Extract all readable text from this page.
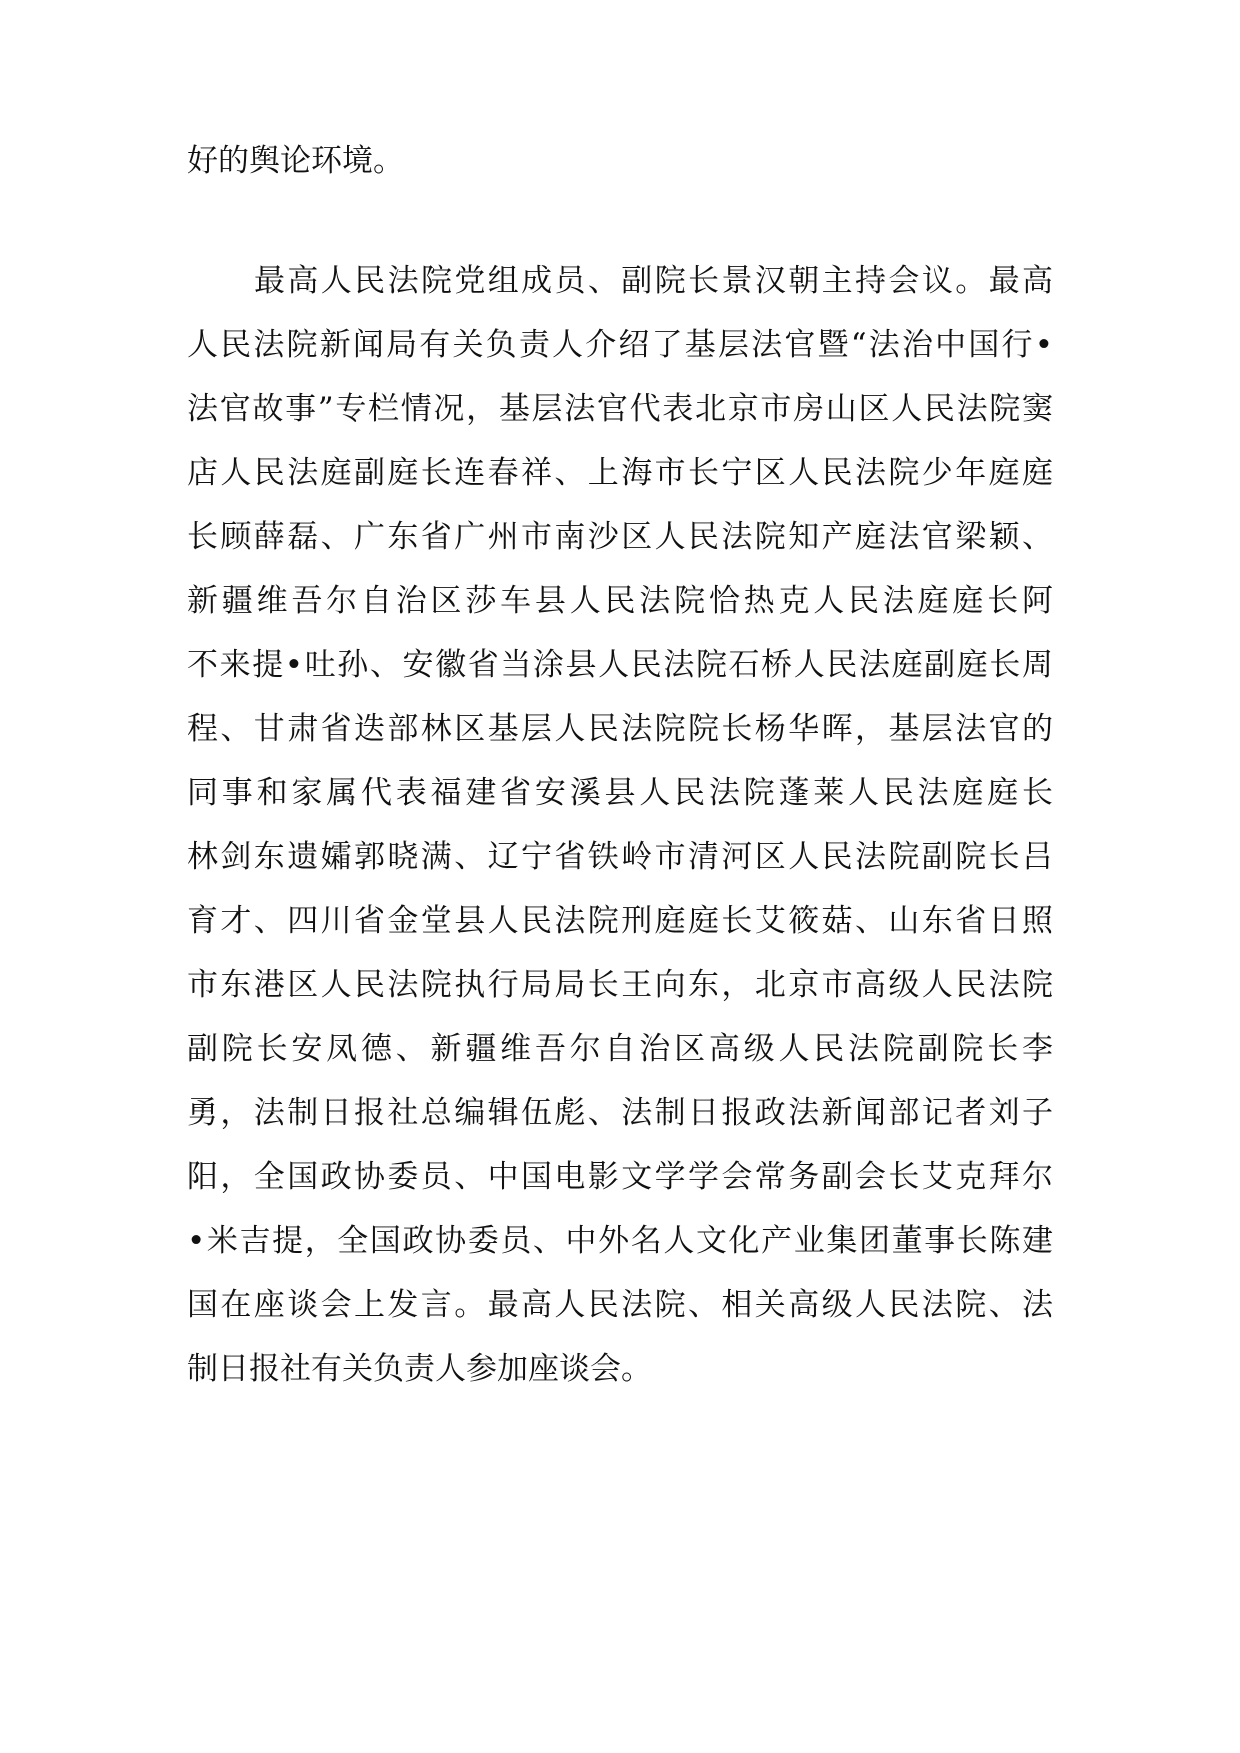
好的舆论环境。
最高人民法院党组成员、副院长景汉朝主持会议。最高
人民法院新闻局有关负责人介绍了基层法官暨“法治中国行•
法官故事”专栏情况，基层法官代表北京市房山区人民法院窦
店人民法庭副庭长连春祥、上海市长宁区人民法院少年庭庭
长顾薛磊、广东省广州市南沙区人民法院知产庭法官梁颖、
新疆维吾尔自治区莎车县人民法院恰热克人民法庭庭长阿
不来提•吐孙、安徽省当涂县人民法院石桥人民法庭副庭长周
程、甘肃省迭部林区基层人民法院院长杨华晖，基层法官的
同事和家属代表福建省安溪县人民法院蓬莱人民法庭庭长
林剑东遗孀郭晓满、辽宁省铁岭市清河区人民法院副院长吕
育才、四川省金堂县人民法院刑庭庭长艾筱菇、山东省日照
市东港区人民法院执行局局长王向东，北京市高级人民法院
副院长安凤德、新疆维吾尔自治区高级人民法院副院长李
勇，法制日报社总编辑伍彪、法制日报政法新闻部记者刘子
阳，全国政协委员、中国电影文学学会常务副会长艾克拜尔
•米吉提，全国政协委员、中外名人文化产业集团董事长陈建
国在座谈会上发言。最高人民法院、相关高级人民法院、法
制日报社有关负责人参加座谈会。
